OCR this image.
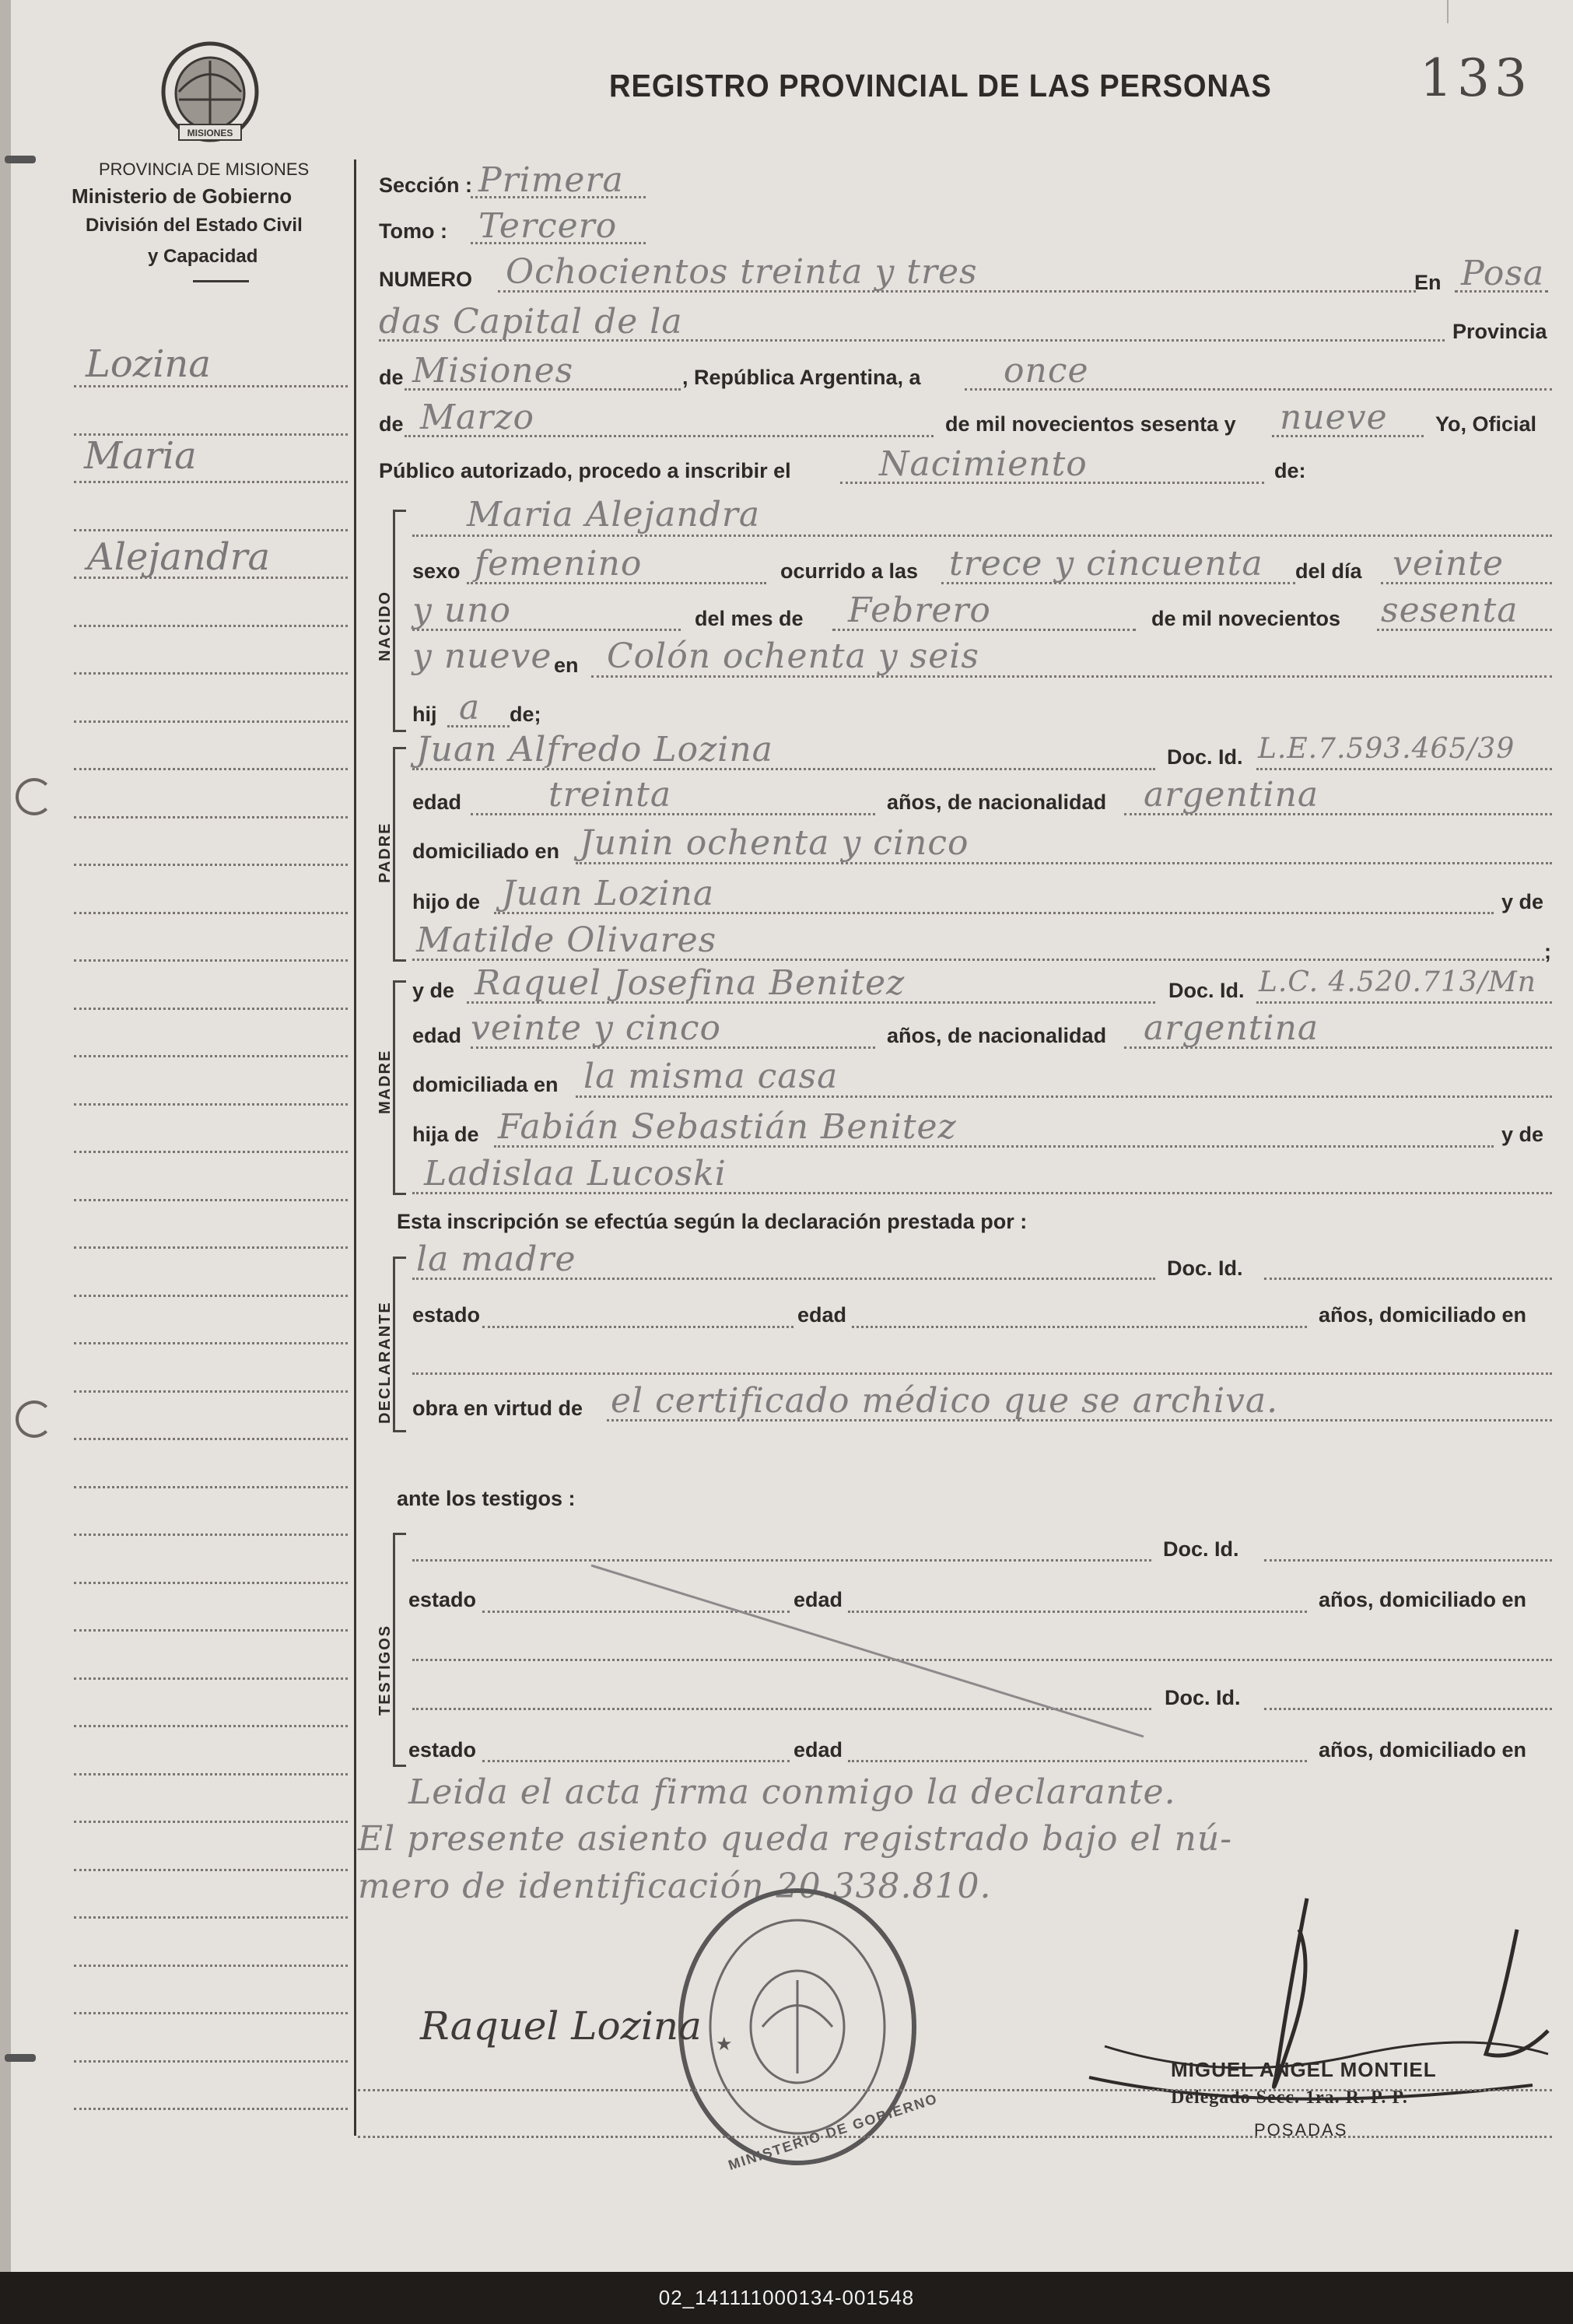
133
MISIONES
PROVINCIA DE MISIONES
Ministerio de Gobierno
División del Estado Civil
y Capacidad
REGISTRO PROVINCIAL DE LAS PERSONAS
Lozina
Maria
Alejandra
Sección : Primera
Tomo : Tercero
NUMERO Ochocientos treinta y tres	En Posa
das Capital de la	Provincia
de Misiones	, República Argentina, a once
de Marzo	de mil novecientos sesenta y nueve Yo, Oficial
Público autorizado, procedo a inscribir el	Nacimiento	de:
NACIDO
Maria Alejandra
sexo femenino	ocurrido a las trece y cincuenta del día veinte
y uno	del mes de Febrero	de mil novecientos sesenta
y nueve en Colón ochenta y seis
hij a de;
PADRE
Juan Alfredo Lozina	Doc. Id. L.E.7.593.465/39
edad	treinta	años, de nacionalidad argentina
domiciliado en Junin ochenta y cinco
hijo de Juan Lozina	y de
Matilde Olivares	;
MADRE
y de Raquel Josefina Benitez	Doc. Id. L.C. 4.520.713/Mn
edad veinte y cinco	años, de nacionalidad argentina
domiciliada en la misma casa
hija de Fabián Sebastián Benitez	y de
Ladislaa Lucoski
Esta inscripción se efectúa según la declaración prestada por :
DECLARANTE
la madre	Doc. Id.
estado	edad	años, domiciliado en
obra en virtud de el certificado médico que se archiva.
ante los testigos :
TESTIGOS
Doc. Id.
estado	edad	años, domiciliado en
Doc. Id.
estado	edad	años, domiciliado en
Leida el acta firma conmigo la declarante.
El presente asiento queda registrado bajo el nú-
mero de identificación 20.338.810.
★
MINISTERIO DE GOBIERNO
Raquel Lozina
MIGUEL ANGEL MONTIEL
Delegado Secc. 1ra. R. P. P.
POSADAS
02_141111000134-001548
